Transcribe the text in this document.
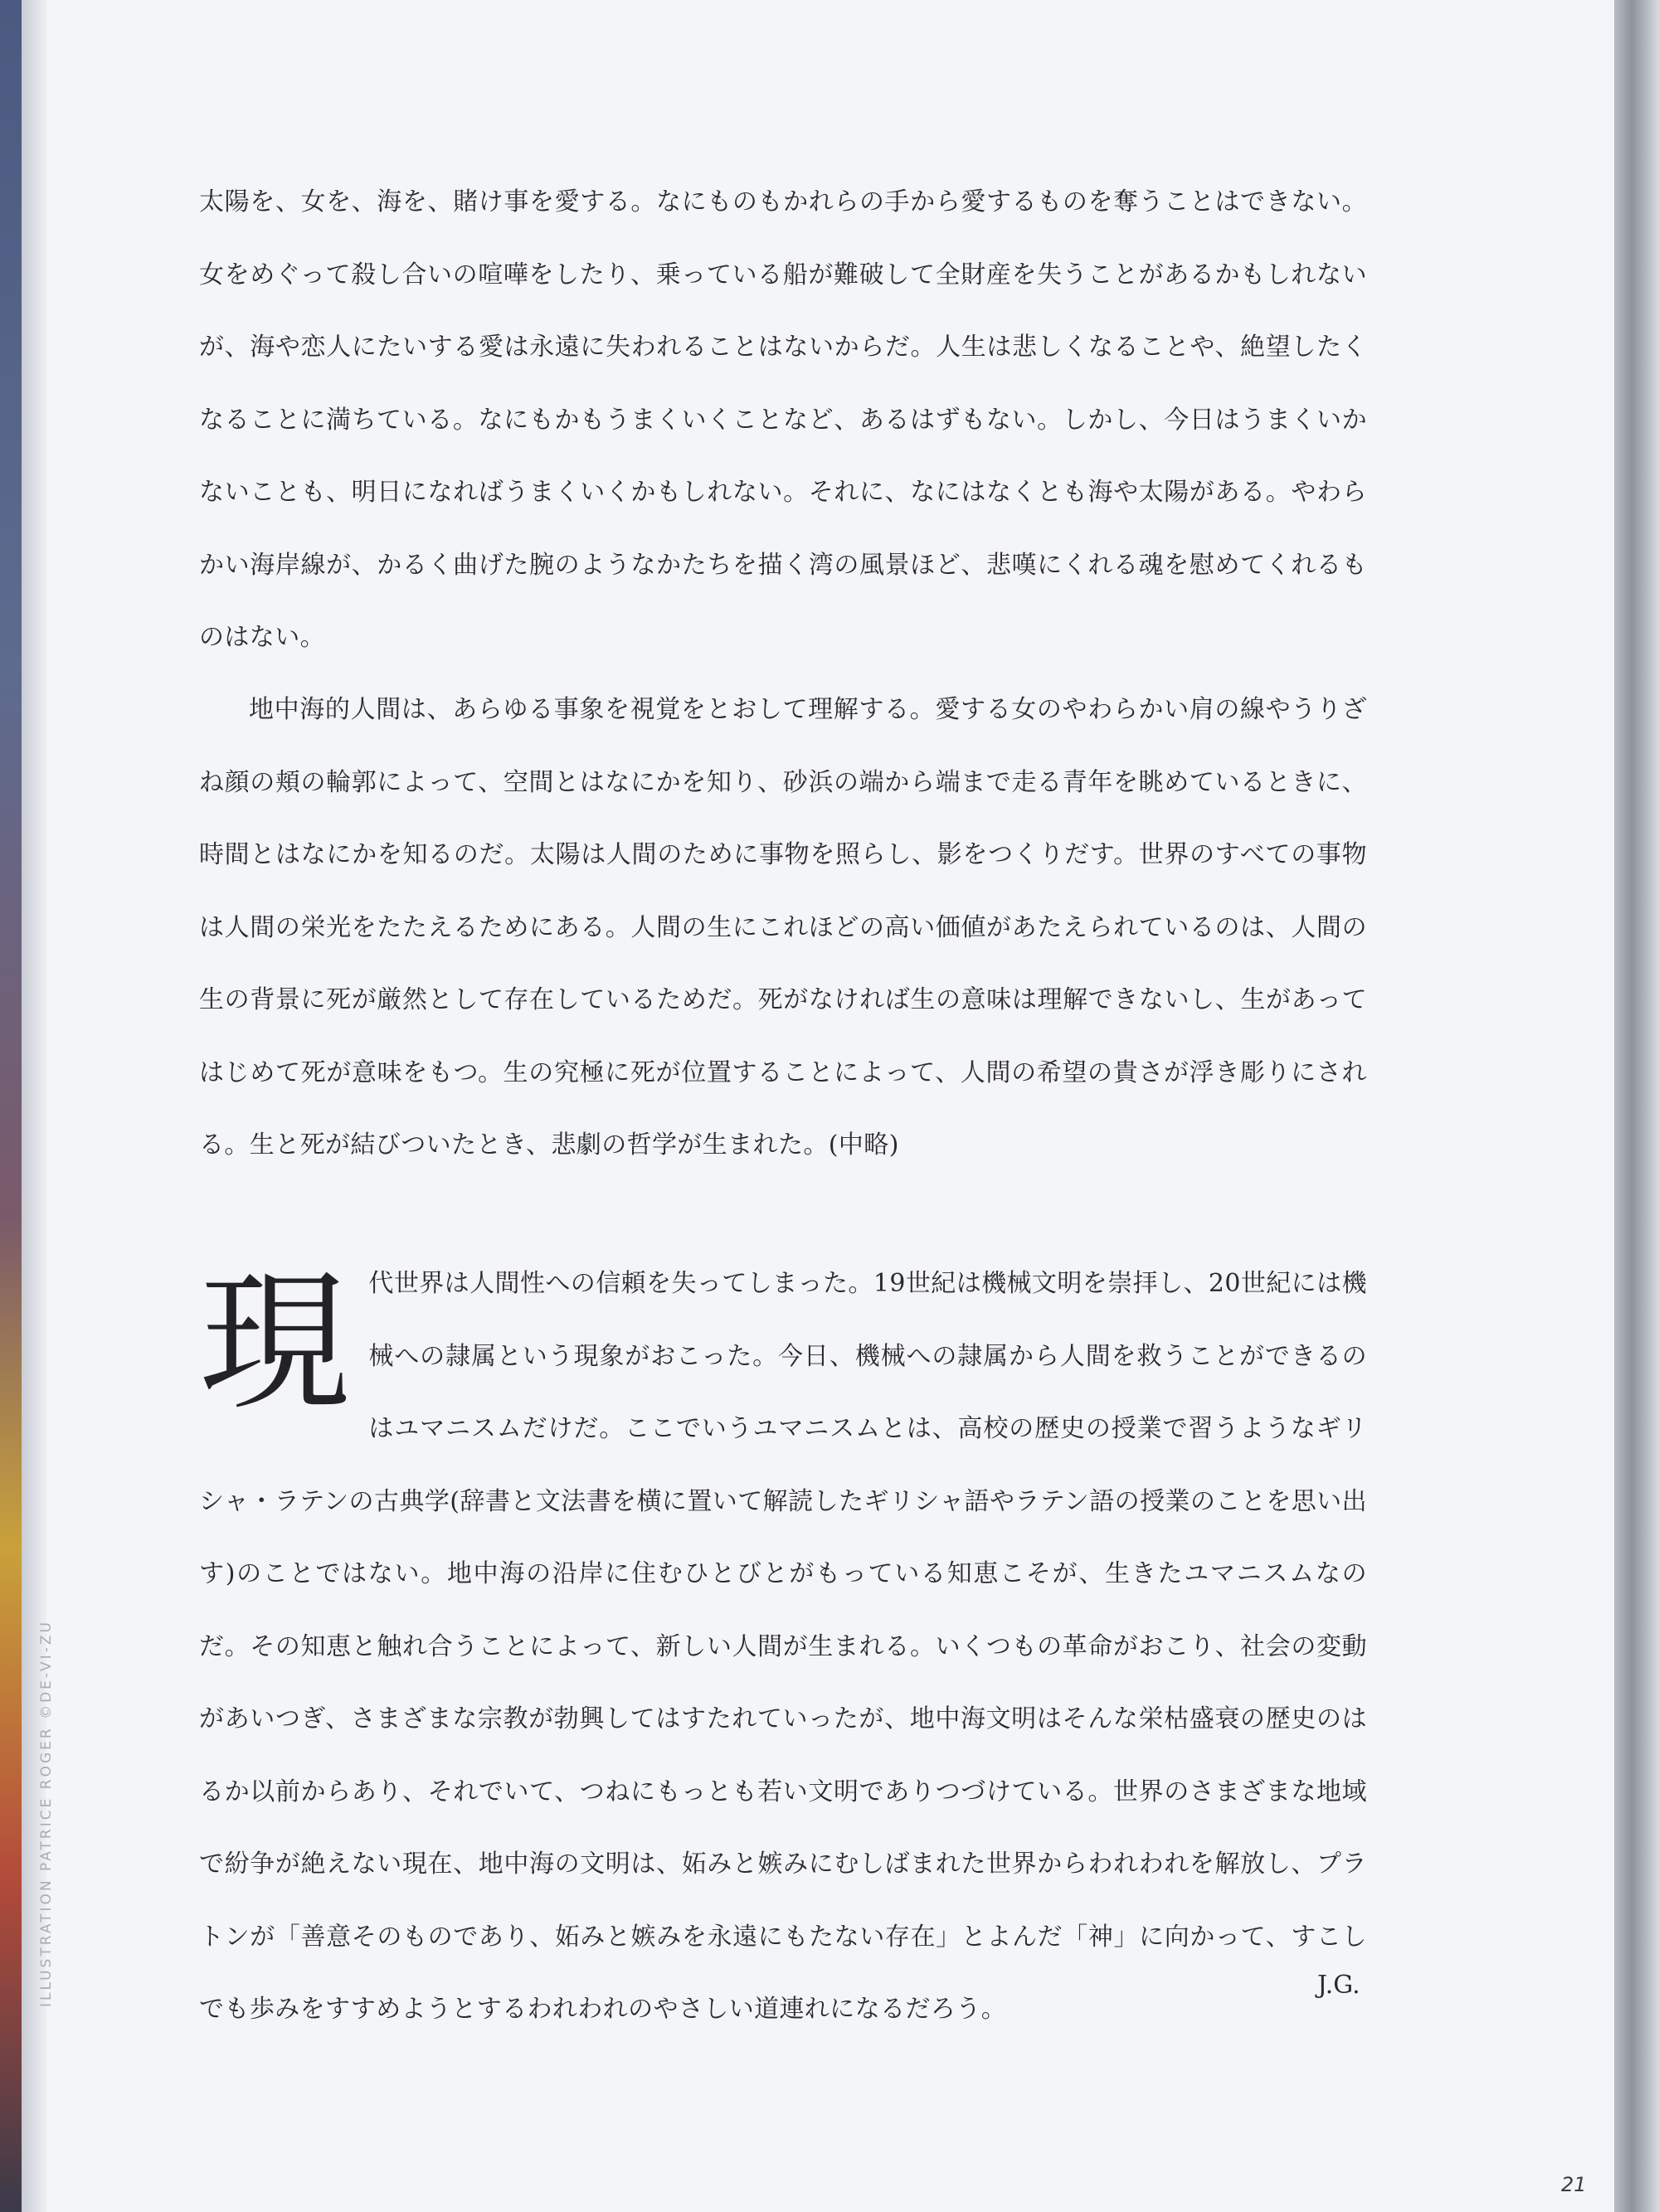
太陽を、女を、海を、賭け事を愛する。なにものもかれらの手から愛するものを奪うことはできない。女をめぐって殺し合いの喧嘩をしたり、乗っている船が難破して全財産を失うことがあるかもしれないが、海や恋人にたいする愛は永遠に失われることはないからだ。人生は悲しくなることや、絶望したくなることに満ちている。なにもかもうまくいくことなど、あるはずもない。しかし、今日はうまくいかないことも、明日になればうまくいくかもしれない。それに、なにはなくとも海や太陽がある。やわらかい海岸線が、かるく曲げた腕のようなかたちを描く湾の風景ほど、悲嘆にくれる魂を慰めてくれるものはない。
地中海的人間は、あらゆる事象を視覚をとおして理解する。愛する女のやわらかい肩の線やうりざね顔の頬の輪郭によって、空間とはなにかを知り、砂浜の端から端まで走る青年を眺めているときに、時間とはなにかを知るのだ。太陽は人間のために事物を照らし、影をつくりだす。世界のすべての事物は人間の栄光をたたえるためにある。人間の生にこれほどの高い価値があたえられているのは、人間の生の背景に死が厳然として存在しているためだ。死がなければ生の意味は理解できないし、生があってはじめて死が意味をもつ。生の究極に死が位置することによって、人間の希望の貴さが浮き彫りにされる。生と死が結びついたとき、悲劇の哲学が生まれた。(中略)
現 代世界は人間性への信頼を失ってしまった。19世紀は機械文明を崇拝し、20世紀には機械への隷属という現象がおこった。今日、機械への隷属から人間を救うことができるのはユマニスムだけだ。ここでいうユマニスムとは、高校の歴史の授業で習うようなギリシャ・ラテンの古典学(辞書と文法書を横に置いて解読したギリシャ語やラテン語の授業のことを思い出す)のことではない。地中海の沿岸に住むひとびとがもっている知恵こそが、生きたユマニスムなのだ。その知恵と触れ合うことによって、新しい人間が生まれる。いくつもの革命がおこり、社会の変動があいつぎ、さまざまな宗教が勃興してはすたれていったが、地中海文明はそんな栄枯盛衰の歴史のはるか以前からあり、それでいて、つねにもっとも若い文明でありつづけている。世界のさまざまな地域で紛争が絶えない現在、地中海の文明は、妬みと嫉みにむしばまれた世界からわれわれを解放し、プラトンが「善意そのものであり、妬みと嫉みを永遠にもたない存在」とよんだ「神」に向かって、すこしでも歩みをすすめようとするわれわれのやさしい道連れになるだろう。
J.G.
ILLUSTRATION PATRICE ROGER ©DE-VI-ZU
21
